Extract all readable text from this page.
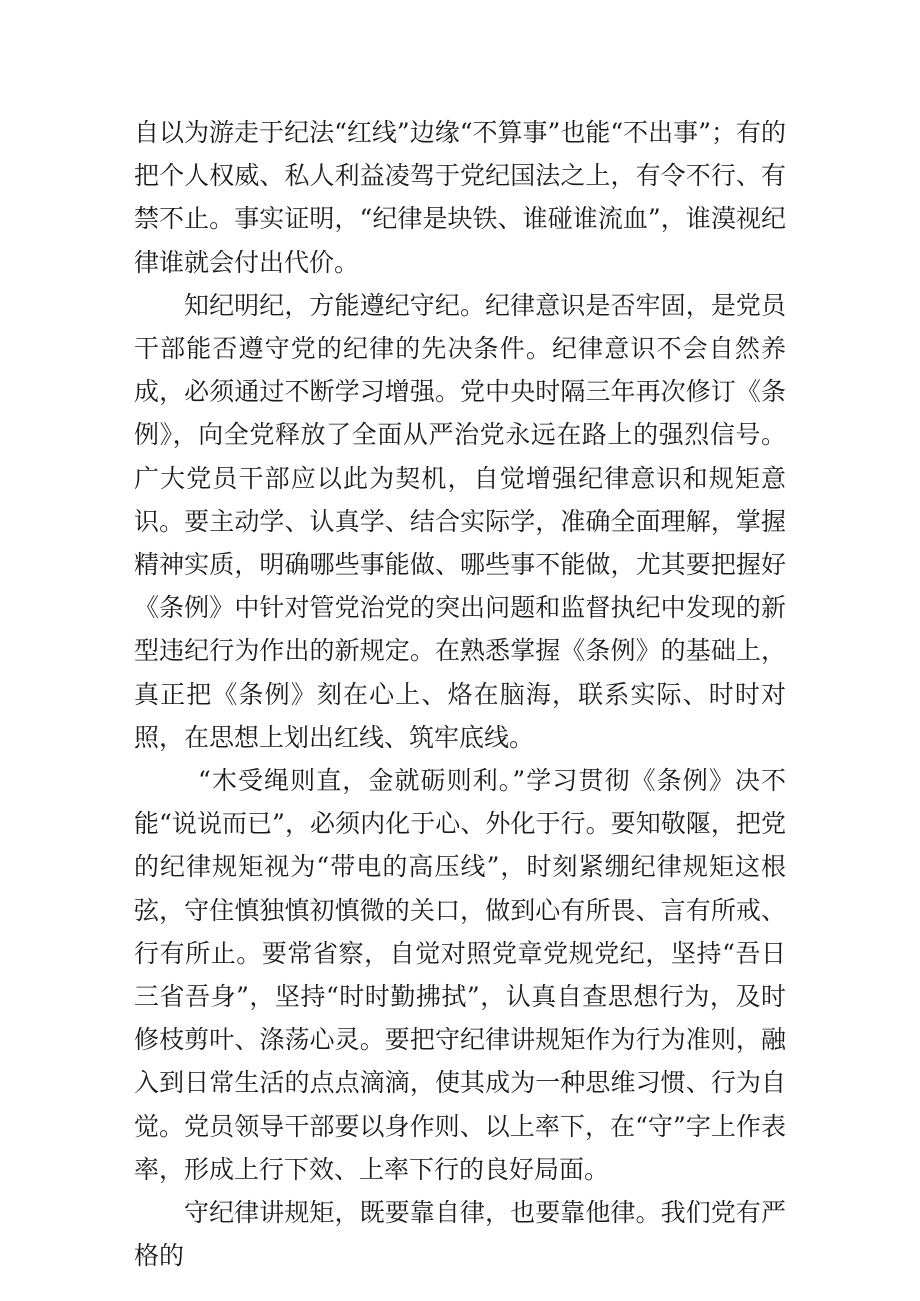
自以为游走于纪法“红线”边缘“不算事”也能“不出事”；有的把个人权威、私人利益凌驾于党纪国法之上，有令不行、有禁不止。事实证明，“纪律是块铁、谁碰谁流血”，谁漠视纪律谁就会付出代价。

知纪明纪，方能遵纪守纪。纪律意识是否牢固，是党员干部能否遵守党的纪律的先决条件。纪律意识不会自然养成，必须通过不断学习增强。党中央时隔三年再次修订《条例》，向全党释放了全面从严治党永远在路上的强烈信号。广大党员干部应以此为契机，自觉增强纪律意识和规矩意识。要主动学、认真学、结合实际学，准确全面理解，掌握精神实质，明确哪些事能做、哪些事不能做，尤其要把握好《条例》中针对管党治党的突出问题和监督执纪中发现的新型违纪行为作出的新规定。在熟悉掌握《条例》的基础上，真正把《条例》刻在心上、烙在脑海，联系实际、时时对照，在思想上划出红线、筑牢底线。

“木受绳则直，金就砺则利。”学习贯彻《条例》决不能“说说而已”，必须内化于心、外化于行。要知敬隁，把党的纪律规矩视为“带电的高压线”，时刻紧绷纪律规矩这根弦，守住慎独慎初慎微的关口，做到心有所畏、言有所戒、行有所止。要常省察，自觉对照党章党规党纪，坚持“吾日三省吾身”，坚持“时时勤拂拭”，认真自查思想行为，及时修枝剪叶、涤荡心灵。要把守纪律讲规矩作为行为准则，融入到日常生活的点点滴滴，使其成为一种思维习惯、行为自觉。党员领导干部要以身作则、以上率下，在“守”字上作表率，形成上行下效、上率下行的良好局面。

守纪律讲规矩，既要靠自律，也要靠他律。我们党有严格的
